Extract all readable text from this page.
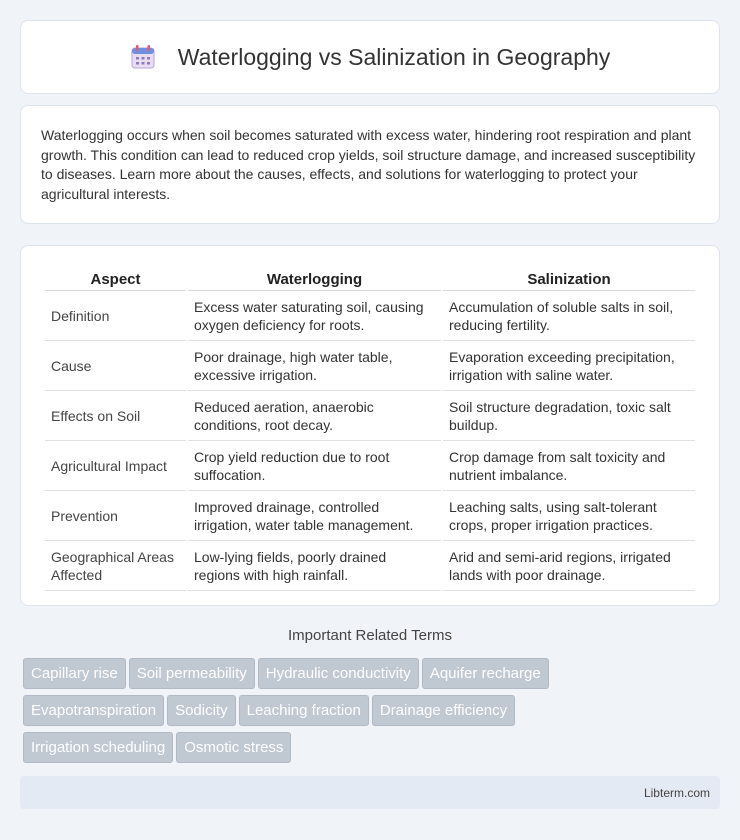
Waterlogging vs Salinization in Geography

Waterlogging occurs when soil becomes saturated with excess water, hindering root respiration and plant growth. This condition can lead to reduced crop yields, soil structure damage, and increased susceptibility to diseases. Learn more about the causes, effects, and solutions for waterlogging to protect your agricultural interests.

Aspect	Waterlogging	Salinization
Definition	Excess water saturating soil, causing oxygen deficiency for roots.	Accumulation of soluble salts in soil, reducing fertility.
Cause	Poor drainage, high water table, excessive irrigation.	Evaporation exceeding precipitation, irrigation with saline water.
Effects on Soil	Reduced aeration, anaerobic conditions, root decay.	Soil structure degradation, toxic salt buildup.
Agricultural Impact	Crop yield reduction due to root suffocation.	Crop damage from salt toxicity and nutrient imbalance.
Prevention	Improved drainage, controlled irrigation, water table management.	Leaching salts, using salt-tolerant crops, proper irrigation practices.
Geographical Areas Affected	Low-lying fields, poorly drained regions with high rainfall.	Arid and semi-arid regions, irrigated lands with poor drainage.
Important Related Terms
Capillary rise	Soil permeability	Hydraulic conductivity	Aquifer recharge
Evapotranspiration	Sodicity	Leaching fraction	Drainage efficiency
Irrigation scheduling	Osmotic stress
Libterm.com
